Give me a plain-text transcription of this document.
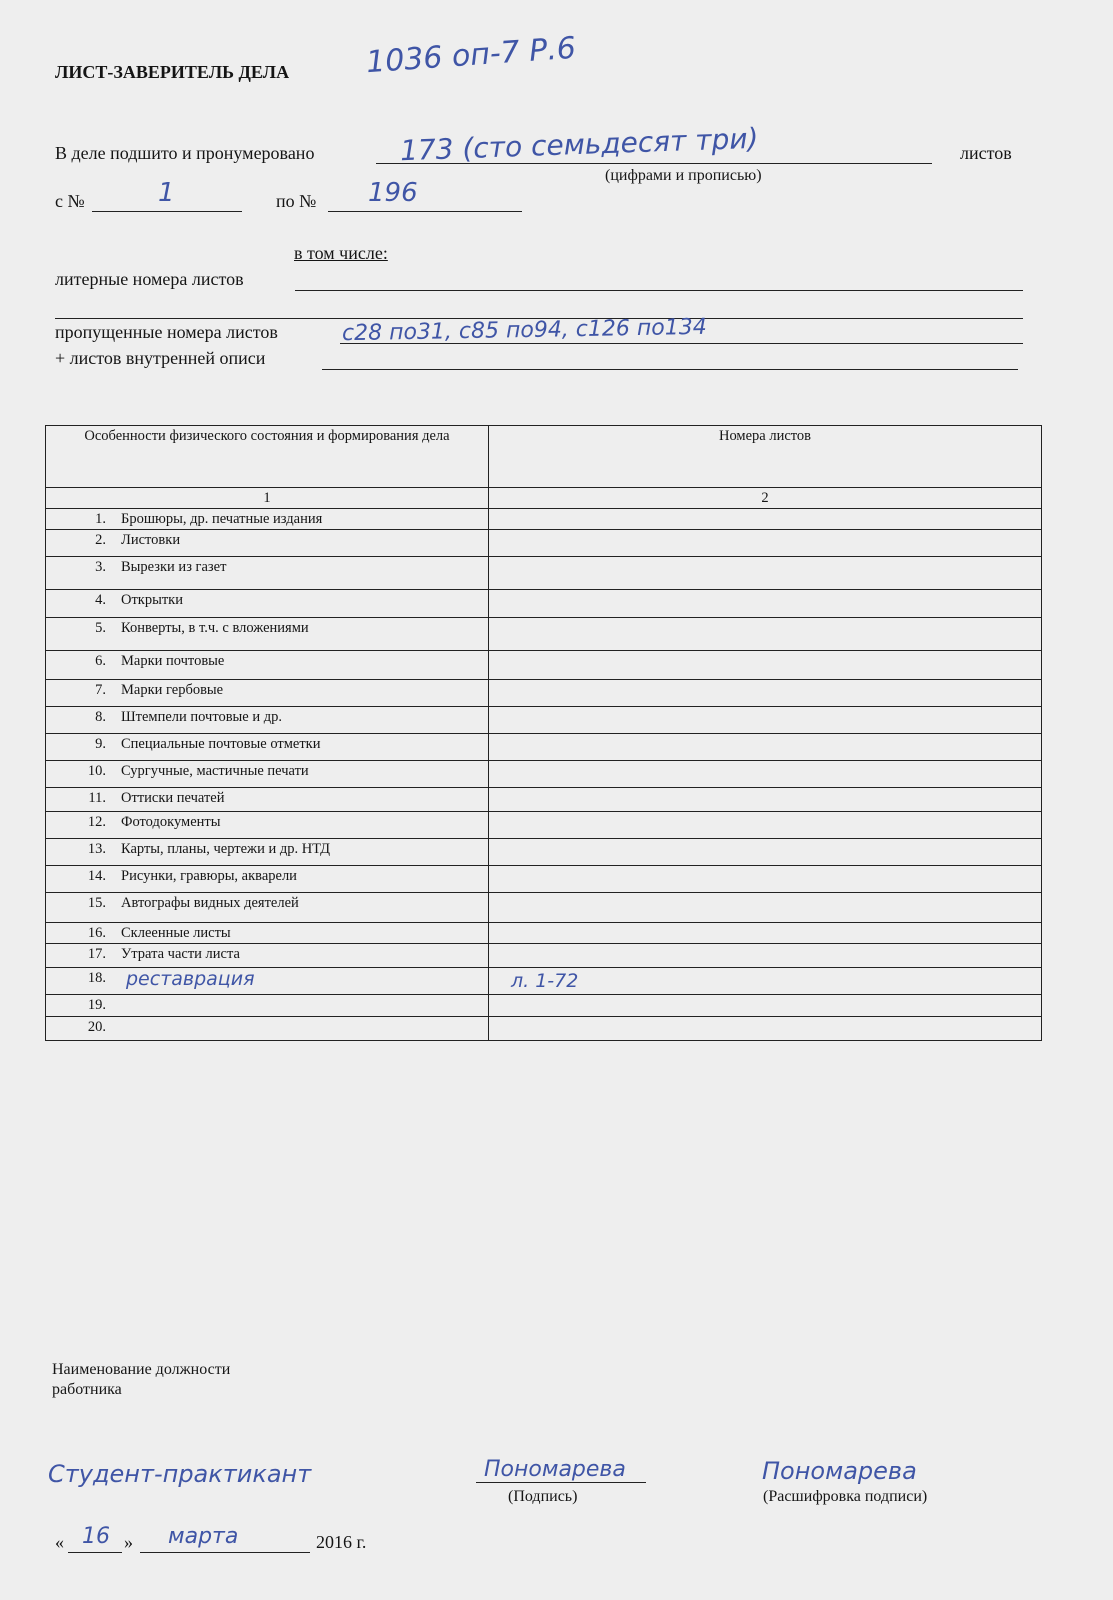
ЛИСТ-ЗАВЕРИТЕЛЬ ДЕЛА	1036 оп-7 Р.6
В деле подшито и пронумеровано	173 (сто семьдесят три)	листов
(цифрами и прописью)
с №	1	по № 196
в том числе:
литерные номера листов
пропущенные номера листов	с28 по31, с85 по94, с126 по134
+ листов внутренней описи
Особенности физического состояния и формирования дела	Номера листов

1	2

1. Брошюры, др. печатные издания	

2. Листовки	

3. Вырезки из газет	

4. Открытки	

5. Конверты, в т.ч. с вложениями	

6. Марки почтовые	

7. Марки гербовые	

8. Штемпели почтовые и др.	

9. Специальные почтовые отметки	

10. Сургучные, мастичные печати	

11. Оттиски печатей	

12. Фотодокументы	

13. Карты, планы, чертежи и др. НТД	

14. Рисунки, гравюры, акварели	

15. Автографы видных деятелей	

16. Склеенные листы	

17. Утрата части листа	

18. реставрация	л. 1-72

19.	

20.	

Наименование должности
работника
Студент-практикант	Пономарева
(Подпись)
Пономарева
(Расшифровка подписи)
« 16 » марта	2016 г.
